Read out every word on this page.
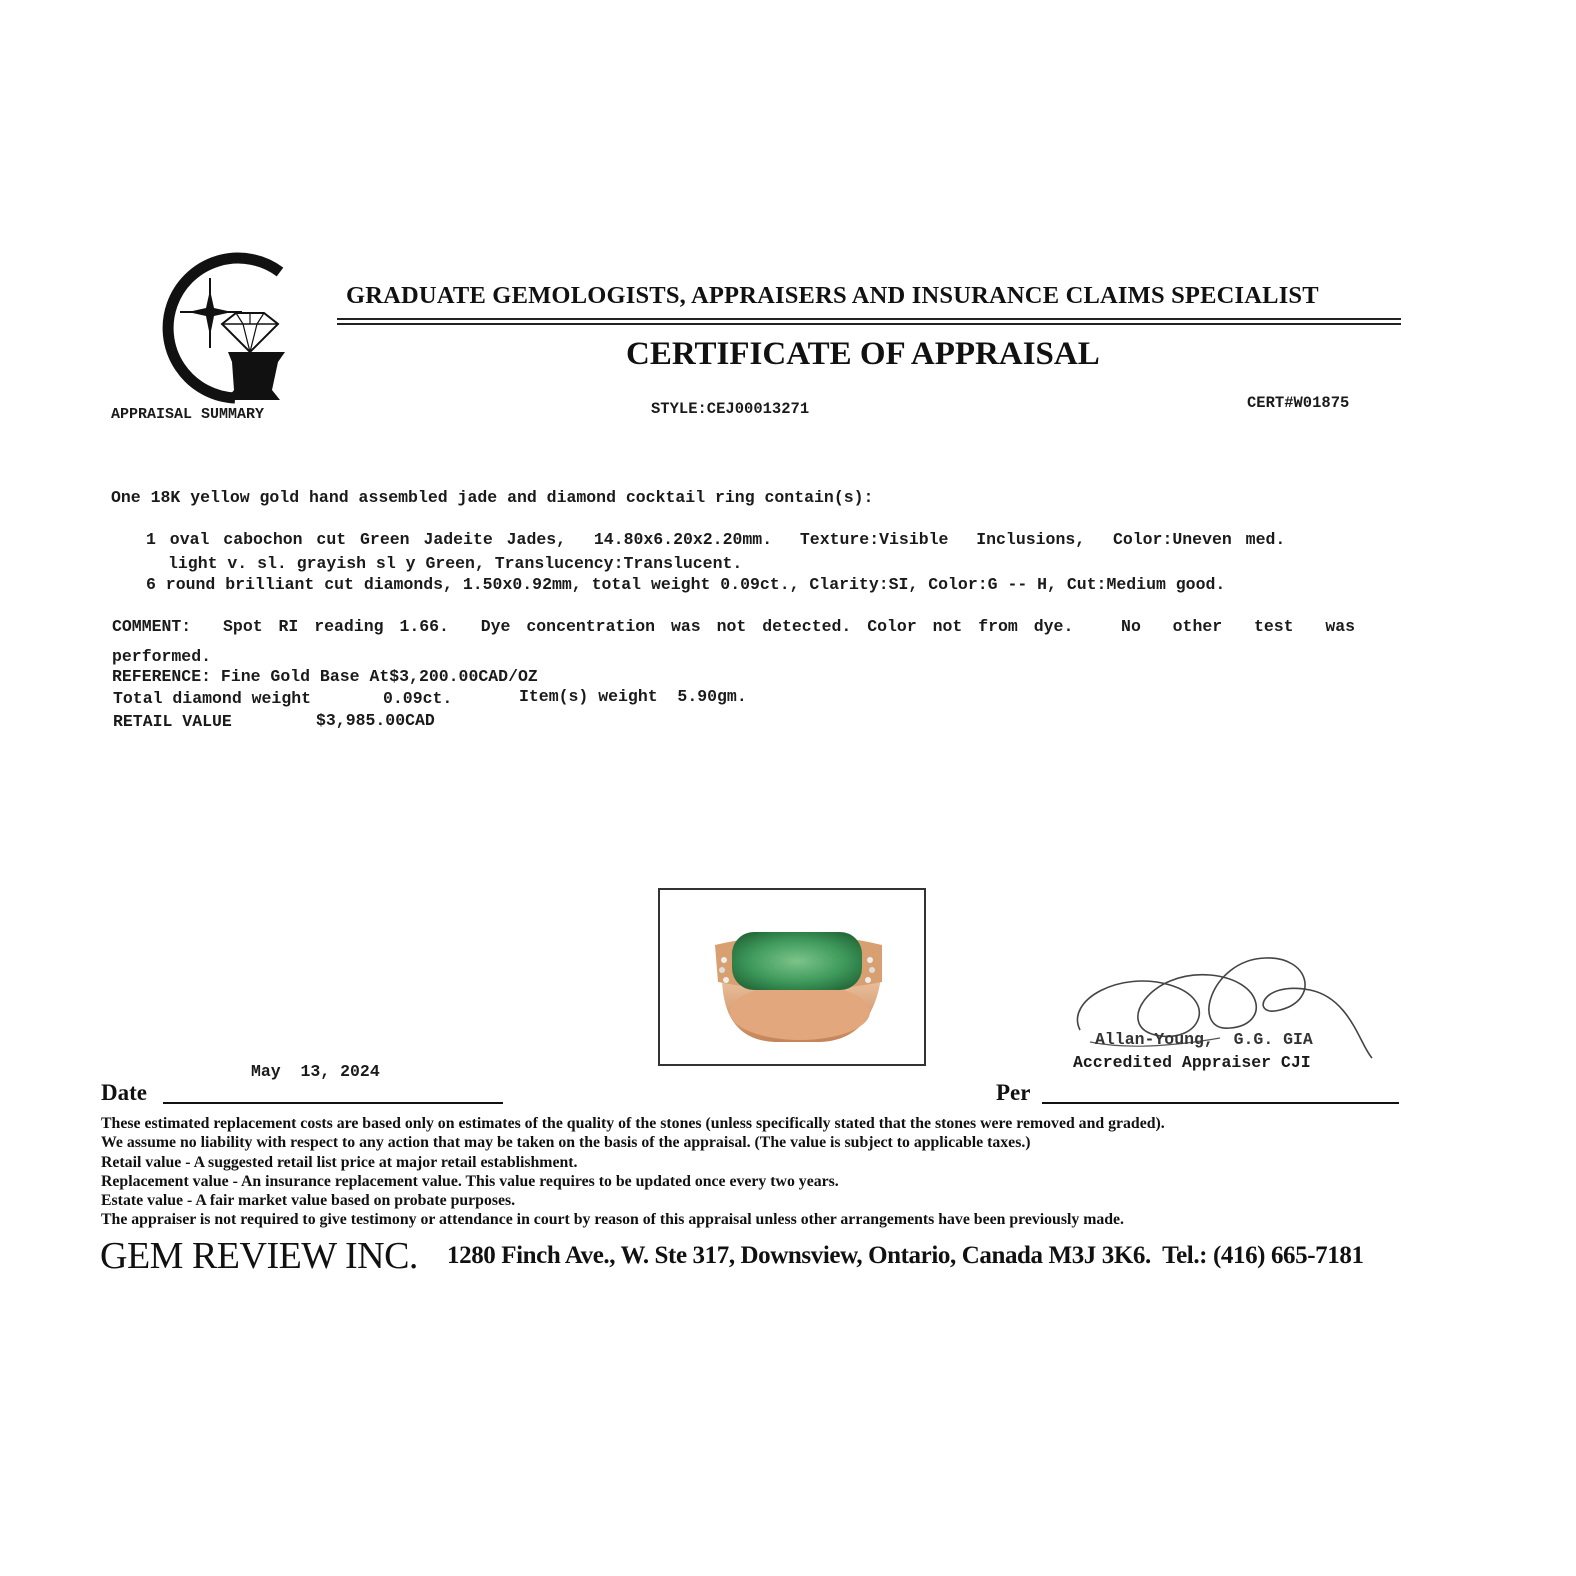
APPRAISAL SUMMARY
GRADUATE GEMOLOGISTS, APPRAISERS AND INSURANCE CLAIMS SPECIALIST
CERTIFICATE OF APPRAISAL
STYLE:CEJ00013271	CERT#W01875
One 18K yellow gold hand assembled jade and diamond cocktail ring contain(s):
1 oval cabochon cut Green Jadeite Jades,  14.80x6.20x2.20mm.  Texture:Visible  Inclusions,  Color:Uneven med.
light v. sl. grayish sl y Green, Translucency:Translucent.
6 round brilliant cut diamonds, 1.50x0.92mm, total weight 0.09ct., Clarity:SI, Color:G -- H, Cut:Medium good.
COMMENT:  Spot RI reading 1.66.  Dye concentration was not detected. Color not from dye.   No  other  test  was
performed.
REFERENCE: Fine Gold Base At$3,200.00CAD/OZ
Total diamond weight	0.09ct.	Item(s) weight  5.90gm.
RETAIL VALUE	$3,985.00CAD
Allan-Young,  G.G. GIA
Accredited Appraiser CJI
May  13, 2024
Date	Per
These estimated replacement costs are based only on estimates of the quality of the stones (unless specifically stated that the stones were removed and graded).
We assume no liability with respect to any action that may be taken on the basis of the appraisal. (The value is subject to applicable taxes.)
Retail value - A suggested retail list price at major retail establishment.
Replacement value - An insurance replacement value. This value requires to be updated once every two years.
Estate value - A fair market value based on probate purposes.
The appraiser is not required to give testimony or attendance in court by reason of this appraisal unless other arrangements have been previously made.
GEM REVIEW INC. 1280 Finch Ave., W. Ste 317, Downsview, Ontario, Canada M3J 3K6.  Tel.: (416) 665-7181
